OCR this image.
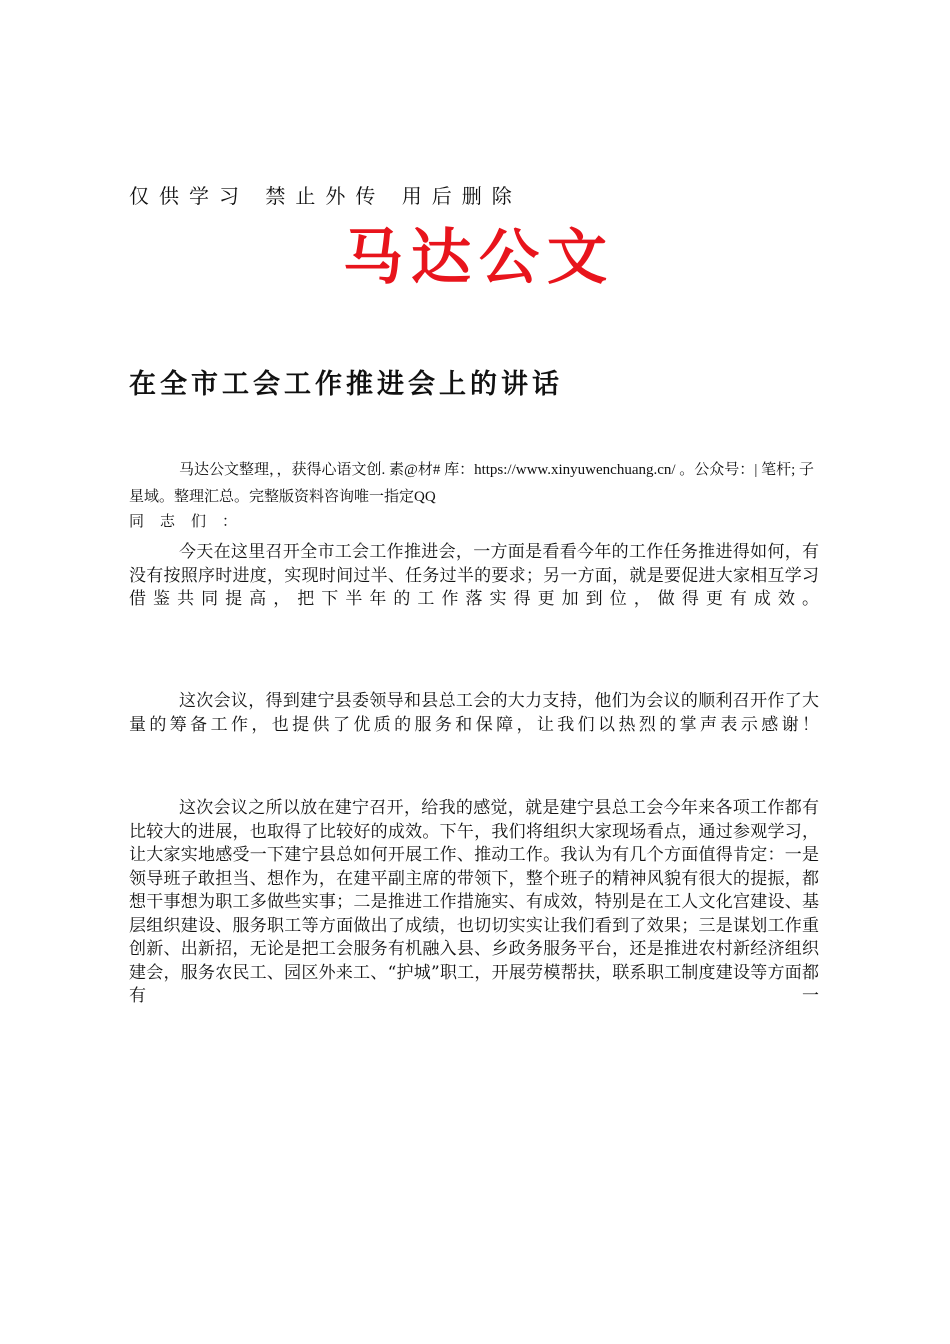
仅供学习 禁止外传 用后删除
马达公文
在全市工会工作推进会上的讲话
马达公文整理，，获得心语文创. 素@材# 库：https://www.xinyuwenchuang.cn/ 。公众号：| 笔杆; 子星域。整理汇总。完整版资料咨询唯一指定QQ
同志们：
今天在这里召开全市工会工作推进会，一方面是看看今年的工作任务推进得如何，有没有按照序时进度，实现时间过半、任务过半的要求；另一方面，就是要促进大家相互学习借鉴共同提高，把下半年的工作落实得更加到位，做得更有成效。
这次会议，得到建宁县委领导和县总工会的大力支持，他们为会议的顺利召开作了大量的筹备工作，也提供了优质的服务和保障，让我们以热烈的掌声表示感谢！
这次会议之所以放在建宁召开，给我的感觉，就是建宁县总工会今年来各项工作都有比较大的进展，也取得了比较好的成效。下午，我们将组织大家现场看点，通过参观学习，让大家实地感受一下建宁县总如何开展工作、推动工作。我认为有几个方面值得肯定：一是领导班子敢担当、想作为，在建平副主席的带领下，整个班子的精神风貌有很大的提振，都想干事想为职工多做些实事；二是推进工作措施实、有成效，特别是在工人文化宫建设、基层组织建设、服务职工等方面做出了成绩，也切切实实让我们看到了效果；三是谋划工作重创新、出新招，无论是把工会服务有机融入县、乡政务服务平台，还是推进农村新经济组织建会，服务农民工、园区外来工、“护城”职工，开展劳模帮扶，联系职工制度建设等方面都有一
